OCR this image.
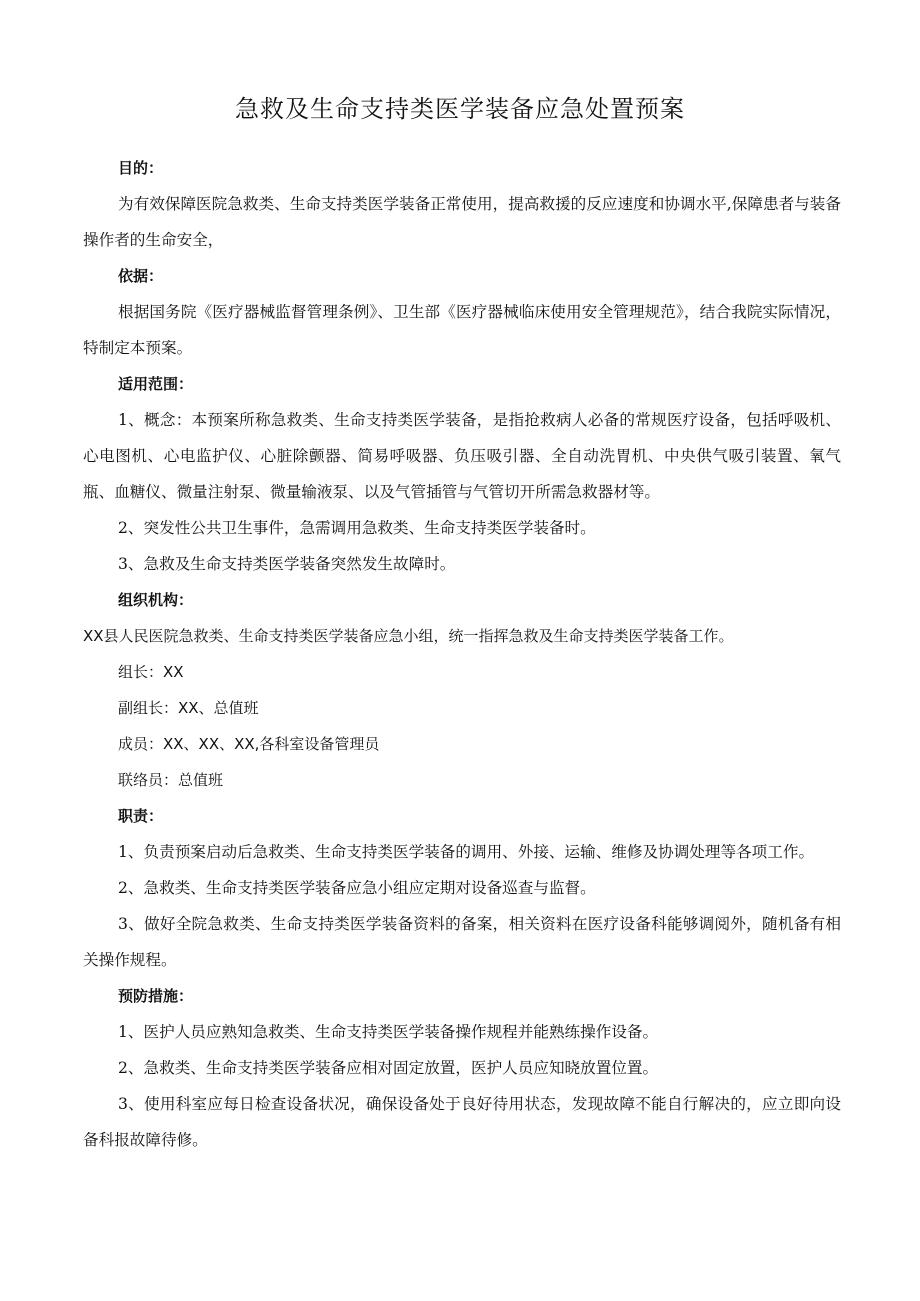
急救及生命支持类医学装备应急处置预案

目的：

为有效保障医院急救类、生命支持类医学装备正常使用，提高救援的反应速度和协调水平,保障患者与装备操作者的生命安全，

依据：

根据国务院《医疗器械监督管理条例》、卫生部《医疗器械临床使用安全管理规范》，结合我院实际情况，特制定本预案。

适用范围：

1、概念：本预案所称急救类、生命支持类医学装备，是指抢救病人必备的常规医疗设备，包括呼吸机、心电图机、心电监护仪、心脏除颤器、简易呼吸器、负压吸引器、全自动洗胃机、中央供气吸引装置、氧气瓶、血糖仪、微量注射泵、微量输液泵、以及气管插管与气管切开所需急救器材等。

2、突发性公共卫生事件，急需调用急救类、生命支持类医学装备时。

3、急救及生命支持类医学装备突然发生故障时。

组织机构：

XX县人民医院急救类、生命支持类医学装备应急小组，统一指挥急救及生命支持类医学装备工作。

组长：XX

副组长：XX、总值班

成员：XX、XX、XX,各科室设备管理员

联络员：总值班

职责：

1、负责预案启动后急救类、生命支持类医学装备的调用、外接、运输、维修及协调处理等各项工作。

2、急救类、生命支持类医学装备应急小组应定期对设备巡查与监督。

3、做好全院急救类、生命支持类医学装备资料的备案，相关资料在医疗设备科能够调阅外，随机备有相关操作规程。

预防措施：

1、医护人员应熟知急救类、生命支持类医学装备操作规程并能熟练操作设备。

2、急救类、生命支持类医学装备应相对固定放置，医护人员应知晓放置位置。

3、使用科室应每日检查设备状况，确保设备处于良好待用状态，发现故障不能自行解决的，应立即向设备科报故障待修。
